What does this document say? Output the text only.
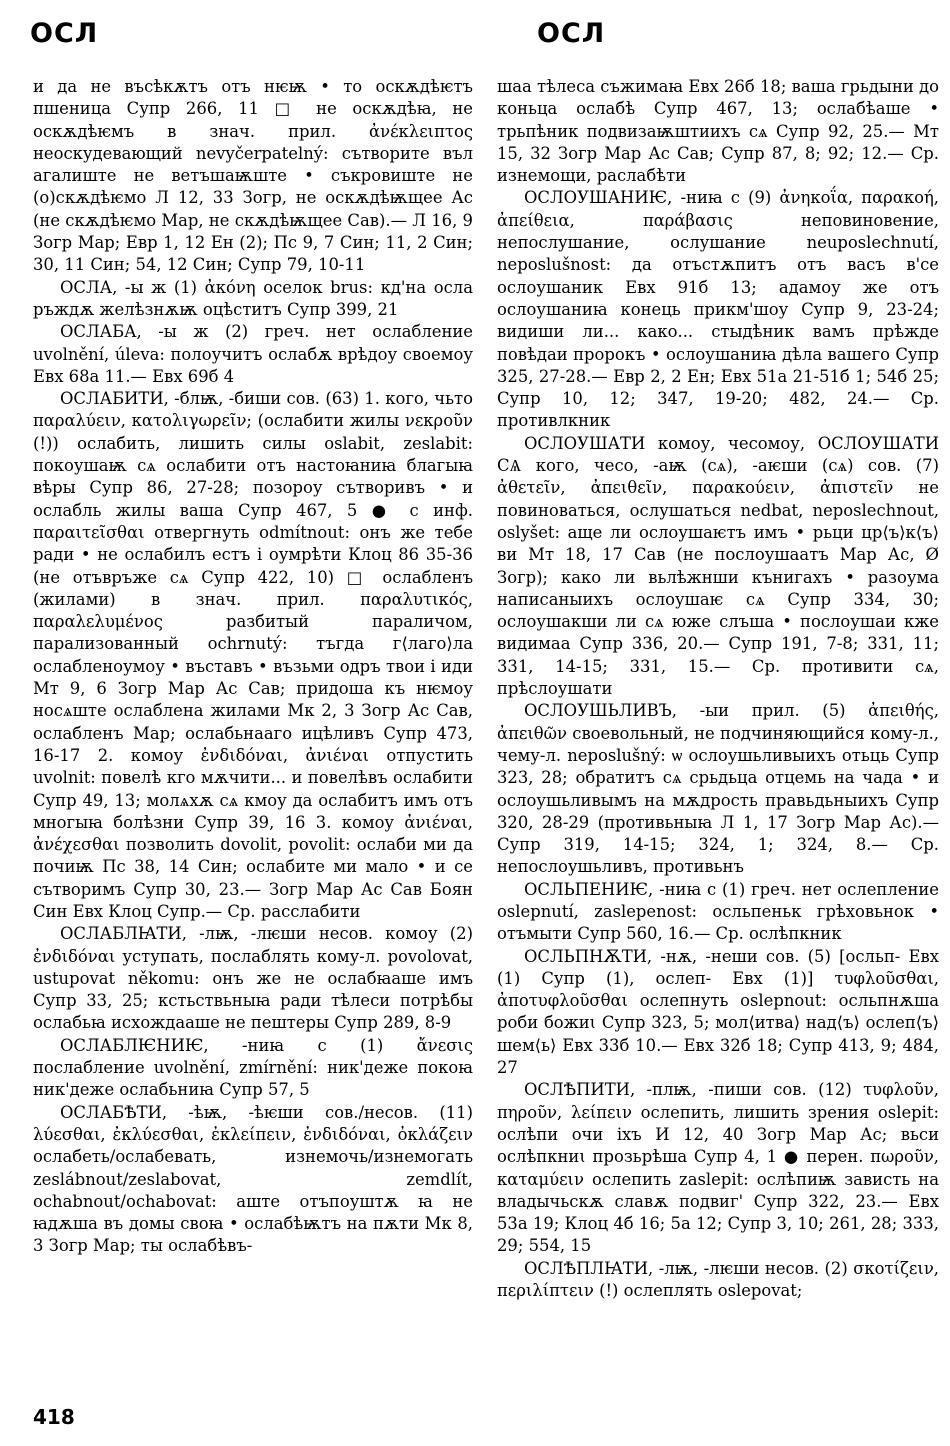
ОСЛ	ОСЛ

и да не въсѣкѫтъ отъ нѥѭ • то оскѫдѣѥтъ пшеница Супр 266, 11 □ не оскѫдѣꙗ, не оскѫдѣѥмъ в знач. прил. ἀνέκλειπτος неоскудевающий nevyčerpatelný: сътворите въл агалиште не ветъшаѭште • съкровиште не (о)скѫдѣѥмо Л 12, 33 Зогр, не оскѫдѣѭщее Ас (не скѫдѣѥмо Мар, не скѫдѣѭщее Сав).— Л 16, 9 Зогр Мар; Евр 1, 12 Ен (2); Пс 9, 7 Син; 11, 2 Син; 30, 11 Син; 54, 12 Син; Супр 79, 10-11

ОСЛА, -ы ж (1) ἀκόνη оселок brus: кд'на осла ръждѫ желѣзнѫѭ оцѣститъ Супр 399, 21

ОСЛАБА, -ы ж (2) греч. нет ослабление uvolnění, úleva: полоучитъ ослабѫ врѣдоу своемоу Евх 68а 11.— Евх 69б 4

ОСЛАБИТИ, -блѭ, -биши сов. (63) 1. кого, чьто παραλύειν, κατολιγωρεῖν; (ослабити жилы νεκροῦν (!)) ослабить, лишить силы oslabit, zeslabit: покоушаѭ сѧ ослабити отъ настоꙗниꙗ благыꙗ вѣры Супр 86, 27-28; позороу сътворивъ • и ослабль жилы ваша Супр 467, 5 ● с инф. παραιτεῖσθαι отвергнуть odmítnout: онъ же тебе ради • не ослабилъ естъ і оумрѣти Клоц 86 35-36 (не отъвръже сѧ Супр 422, 10) □ ослабленъ (жилами) в знач. прил. παραλυτικός, παραλελυμένος разбитый параличом, парализованный ochrnutý: тъгда г⟨лаго⟩ла ослабленоумоу • въставъ • възьми одръ твои і иди Мт 9, 6 Зогр Мар Ас Сав; придоша къ нѥмоу носѧште ослаблена жилами Мк 2, 3 Зогр Ас Сав, ослабленъ Мар; ослабьнааго ицѣливъ Супр 473, 16-17 2. комоу ἐνδιδόναι, ἀνιέναι отпустить uvolnit: повелѣ кго мѫчити... и повелѣвъ ослабити Супр 49, 13; молѧхѫ сѧ кмоу да ослабитъ имъ отъ многыꙗ болѣзни Супр 39, 16 3. комоу ἀνιέναι, ἀνέχεσθαι позволить dovolit, povolit: ослаби ми да почиѭ Пс 38, 14 Син; ослабите ми мало • и се сътворимъ Супр 30, 23.— Зогр Мар Ас Сав Боян Син Евх Клоц Супр.— Ср. расслабити

ОСЛАБЛꙖТИ, -лѭ, -лѥши несов. комоу (2) ἐνδιδόναι уступать, послаблять кому-л. povolovat, ustupovat někomu: онъ же не ослабꙗаше имъ Супр 33, 25; кстьствьныꙗ ради тѣлеси потрѣбы ослабьꙗ исхождааше не пештеры Супр 289, 8-9

ОСЛАБЛѤНИѤ, -ниꙗ с (1) ἄνεσις послабление uvolnění, zmírnění: ник'деже покоꙗ ник'деже ослабьниꙗ Супр 57, 5

ОСЛАБѢТИ, -ѣѭ, -ѣѥши сов./несов. (11) λύεσθαι, ἐκλύεσθαι, ἐκλείπειν, ἐνδιδόναι, ὀκλάζειν ослабеть/ослабевать, изнемочь/изнемогать zeslábnout/zeslabovat, zemdlít, ochabnout/ochabovat: аште отъпоуштѫ ꙗ не ꙗдѫша въ домы своꙗ • ослабѣѭтъ на пѫти Мк 8, 3 Зогр Мар; ты ослабѣвъ-

шаа тѣлеса съжимаꙗ Евх 26б 18; ваша грьдыни до коньца ослабѣ Супр 467, 13; ослабѣаше • трьпѣник подвизаѭштиихъ сѧ Супр 92, 25.— Мт 15, 32 Зогр Мар Ас Сав; Супр 87, 8; 92; 12.— Ср. изнемощи, раслабѣти

ОСЛОУШАНИѤ, -ниꙗ с (9) ἀνηκοΐα, παρακοή, ἀπείθεια, παράβασις неповиновение, непослушание, ослушание neuposlechnutí, neposlušnost: да отъстѫпитъ отъ васъ в'се ослоушаник Евх 91б 13; адамоу же отъ ослоушаниꙗ конець прикм'шоу Супр 9, 23-24; видиши ли... како... стыдѣник вамъ прѣжде повѣдаи пророкъ • ослоушаниꙗ дѣла вашего Супр 325, 27-28.— Евр 2, 2 Ен; Евх 51а 21-51б 1; 54б 25; Супр 10, 12; 347, 19-20; 482, 24.— Ср. противлкник

ОСЛОУШАТИ комоу, чесомоу, ОСЛОУШАТИ СѦ кого, чесо, -аѭ (сѧ), -аѥши (сѧ) сов. (7) ἀθετεῖν, ἀπειθεῖν, παρακούειν, ἀπιστεῖν не повиноваться, ослушаться nedbat, neposlechnout, oslyšet: аще ли ослоушаѥтъ имъ • рьци цр⟨ъ⟩к⟨ъ⟩ви Мт 18, 17 Сав (не послоушаатъ Мар Ас, Ø Зогр); како ли вьлѣжнши кънигахъ • разоума написаныихъ ослоушаѥ сѧ Супр 334, 30; ослоушакши ли сѧ юже слъша • послоушаи кже видимаа Супр 336, 20.— Супр 191, 7-8; 331, 11; 331, 14-15; 331, 15.— Ср. противити сѧ, прѣслоушати

ОСЛОУШЬЛИВЪ, -ыи прил. (5) ἀπειθής, ἀπειθῶν своевольный, не подчиняющийся кому-л., чему-л. neposlušný: ѡ ослоушьливыихъ отьць Супр 323, 28; обратитъ сѧ срьдьца отцемь на чада • и ослоушьливымъ на мѫдрость правьдьныихъ Супр 320, 28-29 (противьныꙗ Л 1, 17 Зогр Мар Ас).— Супр 319, 14-15; 324, 1; 324, 8.— Ср. непослоушьливъ, противьнъ

ОСЛЬПЕНИѤ, -ниꙗ с (1) греч. нет ослепление oslepnutí, zaslepenost: осльпеньк грѣховьнок • отъмыти Супр 560, 16.— Ср. ослѣпкник

ОСЛЬПНѪТИ, -нѫ, -неши сов. (5) [осльп- Евх (1) Супр (1), ослеп- Евх (1)] τυφλοῦσθαι, ἀποτυφλοῦσθαι ослепнуть oslepnout: осльпнѫша роби божиꙇ Супр 323, 5; мол⟨итва⟩ над⟨ъ⟩ ослеп⟨ъ⟩шем⟨ь⟩ Евх 33б 10.— Евх 32б 18; Супр 413, 9; 484, 27

ОСЛѢПИТИ, -плѭ, -пиши сов. (12) τυφλοῦν, πηροῦν, λείπειν ослепить, лишить зрения oslepit: ослѣпи очи іхъ И 12, 40 Зогр Мар Ас; вьси ослѣпкниꙇ прозьрѣша Супр 4, 1 ● перен. πωροῦν, καταμύειν ослепить zaslepit: ослѣпиѭ зависть на владычьскѫ славѫ подвиг' Супр 322, 23.— Евх 53а 19; Клоц 4б 16; 5а 12; Супр 3, 10; 261, 28; 333, 29; 554, 15

ОСЛѢПЛꙖТИ, -лѭ, -лѥши несов. (2) σκοτίζειν, περιλίπτειν (!) ослеплять oslepovat;

418
